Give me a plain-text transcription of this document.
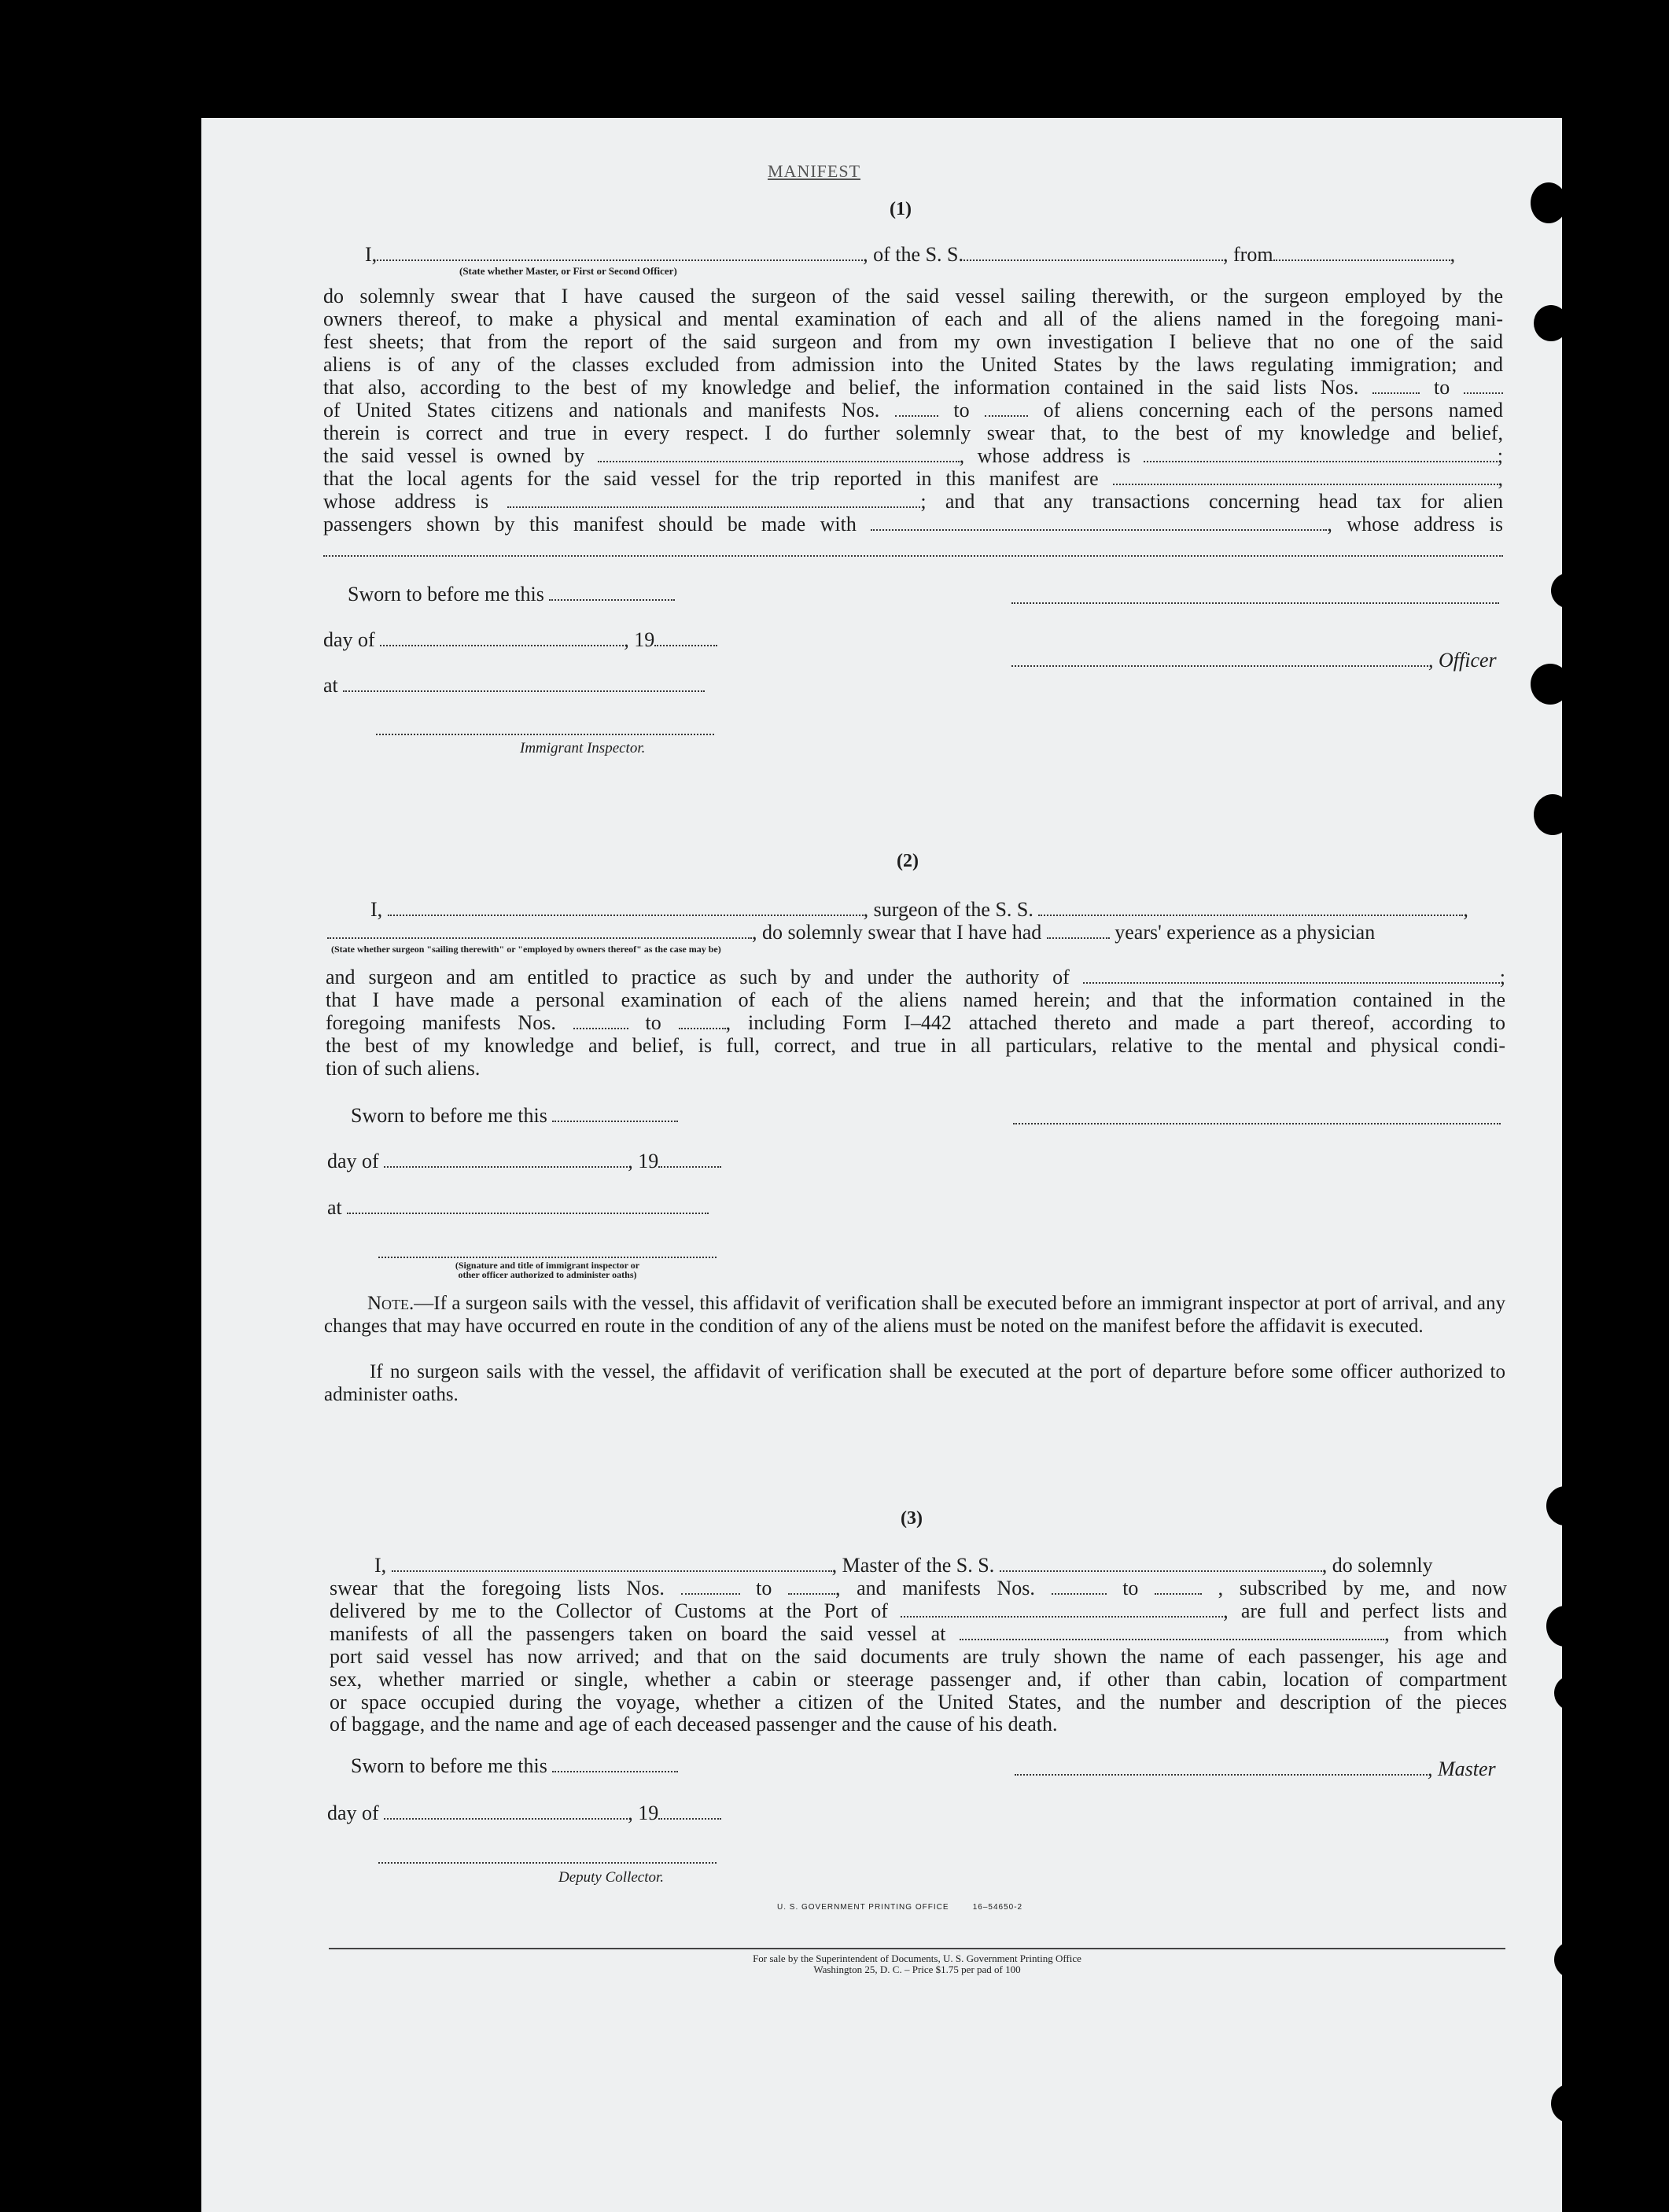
MANIFEST
(1)
I,	, of the S. S.	, from	,
(State whether Master, or First or Second Officer)
do solemnly swear that I have caused the surgeon of the said vessel sailing therewith, or the surgeon employed by the
owners thereof, to make a physical and mental examination of each and all of the aliens named in the foregoing mani-
fest sheets; that from the report of the said surgeon and from my own investigation I believe that no one of the said
aliens is of any of the classes excluded from admission into the United States by the laws regulating immigration; and
that also, according to the best of my knowledge and belief, the information contained in the said lists Nos.	to
of United States citizens and nationals and manifests Nos.	to	of aliens concerning each of the persons named
therein is correct and true in every respect. I do further solemnly swear that, to the best of my knowledge and belief,
the said vessel is owned by	, whose address is	;
that the local agents for the said vessel for the trip reported in this manifest are	,
whose address is	; and that any transactions concerning head tax for alien
passengers shown by this manifest should be made with	, whose address is
Sworn to before me this
day of	, 19
, Officer
at
Immigrant Inspector.
(2)
I,	, surgeon of the S. S.	,
, do solemnly swear that I have had	years' experience as a physician
(State whether surgeon "sailing therewith" or "employed by owners thereof" as the case may be)
and surgeon and am entitled to practice as such by and under the authority of	;
that I have made a personal examination of each of the aliens named herein; and that the information contained in the
foregoing manifests Nos.	to	, including Form I–442 attached thereto and made a part thereof, according to
the best of my knowledge and belief, is full, correct, and true in all particulars, relative to the mental and physical condi-
tion of such aliens.
Sworn to before me this
day of	, 19
at
(Signature and title of immigrant inspector or
other officer authorized to administer oaths)
Note.—If a surgeon sails with the vessel, this affidavit of verification shall be executed before an immigrant inspector at port of arrival, and any changes that may have occurred en route in the condition of any of the aliens must be noted on the manifest before the affidavit is executed.
If no surgeon sails with the vessel, the affidavit of verification shall be executed at the port of departure before some officer authorized to administer oaths.
(3)
I,	, Master of the S. S.	, do solemnly
swear that the foregoing lists Nos.	to	, and manifests Nos.	to	, subscribed by me, and now
delivered by me to the Collector of Customs at the Port of	, are full and perfect lists and
manifests of all the passengers taken on board the said vessel at	, from which
port said vessel has now arrived; and that on the said documents are truly shown the name of each passenger, his age and
sex, whether married or single, whether a cabin or steerage passenger and, if other than cabin, location of compartment
or space occupied during the voyage, whether a citizen of the United States, and the number and description of the pieces
of baggage, and the name and age of each deceased passenger and the cause of his death.
Sworn to before me this	, Master
day of	, 19
Deputy Collector.
U. S. GOVERNMENT PRINTING OFFICE        16–54650-2
For sale by the Superintendent of Documents, U. S. Government Printing Office
Washington 25, D. C. – Price $1.75 per pad of 100
